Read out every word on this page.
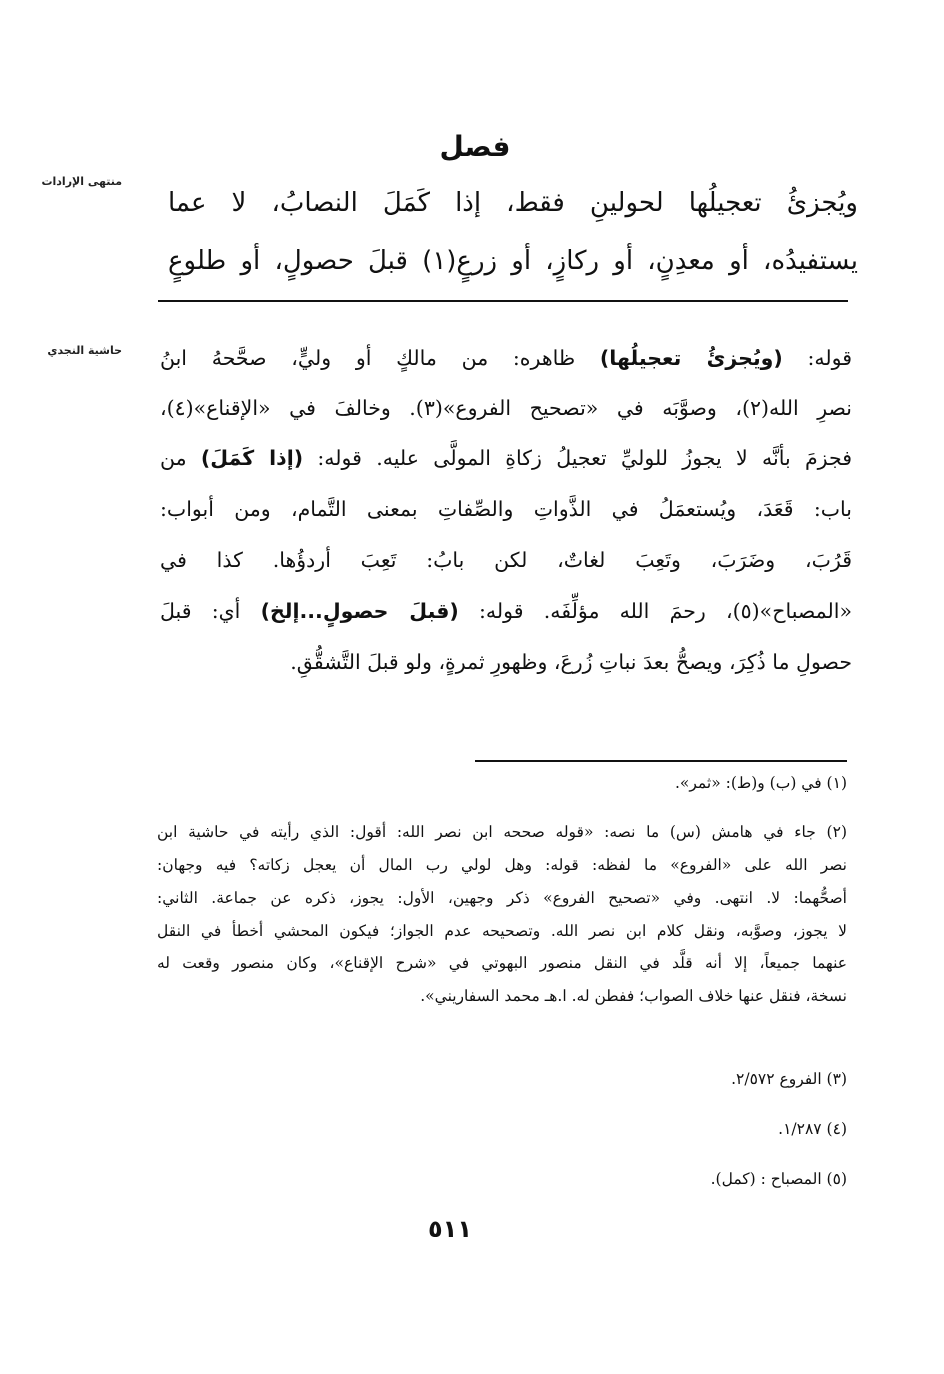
فصل
منتهى الإرادات
حاشية النجدي
ويُجزئُ تعجيلُها لحولينِ فقط، إذا كَمَلَ النصابُ، لا عما
يستفيدُه، أو معدِنٍ، أو ركازٍ، أو زرعٍ(١) قبلَ حصولٍ، أو طلوعٍ
قوله: (ويُجزئُ تعجيلُها) ظاهره: من مالكٍ أو وليٍّ، صحَّحهُ ابنُ
نصرِ الله(٢)، وصوَّبَه في «تصحيح الفروع»(٣). وخالفَ في «الإقناع»(٤)،
فجزمَ بأنَّه لا يجوزُ للوليِّ تعجيلُ زكاةِ المولَّى عليه. قوله: (إذا كَمَلَ) من
باب: قَعَدَ، ويُستعمَلُ في الذَّواتِ والصِّفاتِ بمعنى التَّمام، ومن أبواب:
قَرُبَ، وضَرَبَ، وتَعِبَ لغاتٌ، لكن بابُ: تَعِبَ أردؤُها. كذا في
«المصباح»(٥)، رحمَ الله مؤلِّفَه. قوله: (قبلَ حصولٍ...إلخ) أي: قبلَ
حصولِ ما ذُكِرَ، ويصحُّ بعدَ نباتِ زُرعَ، وظهورِ ثمرةٍ، ولو قبلَ التَّشقُّقِ.
(١) في (ب) و(ط): «ثمر».
(٢) جاء في هامش (س) ما نصه: «قوله صححه ابن نصر الله: أقول: الذي رأيته في حاشية ابن
نصر الله على «الفروع» ما لفظه: قوله: وهل لولي رب المال أن يعجل زكاته؟ فيه وجهان:
أصحُّهما: لا. انتهى. وفي «تصحيح الفروع» ذكر وجهين، الأول: يجوز، ذكره عن جماعة. الثاني:
لا يجوز، وصوَّبه، ونقل كلام ابن نصر الله. وتصحيحه عدم الجواز؛ فيكون المحشي أخطأ في النقل
عنهما جميعاً، إلا أنه قلَّد في النقل منصور البهوتي في «شرح الإقناع»، وكان منصور وقعت له
نسخة، فنقل عنها خلاف الصواب؛ ففطن له. ا.هـ محمد السفاريني».
(٣) الفروع ٢/٥٧٢.
(٤) ١/٢٨٧.
(٥) المصباح : (كمل).
٥١١
